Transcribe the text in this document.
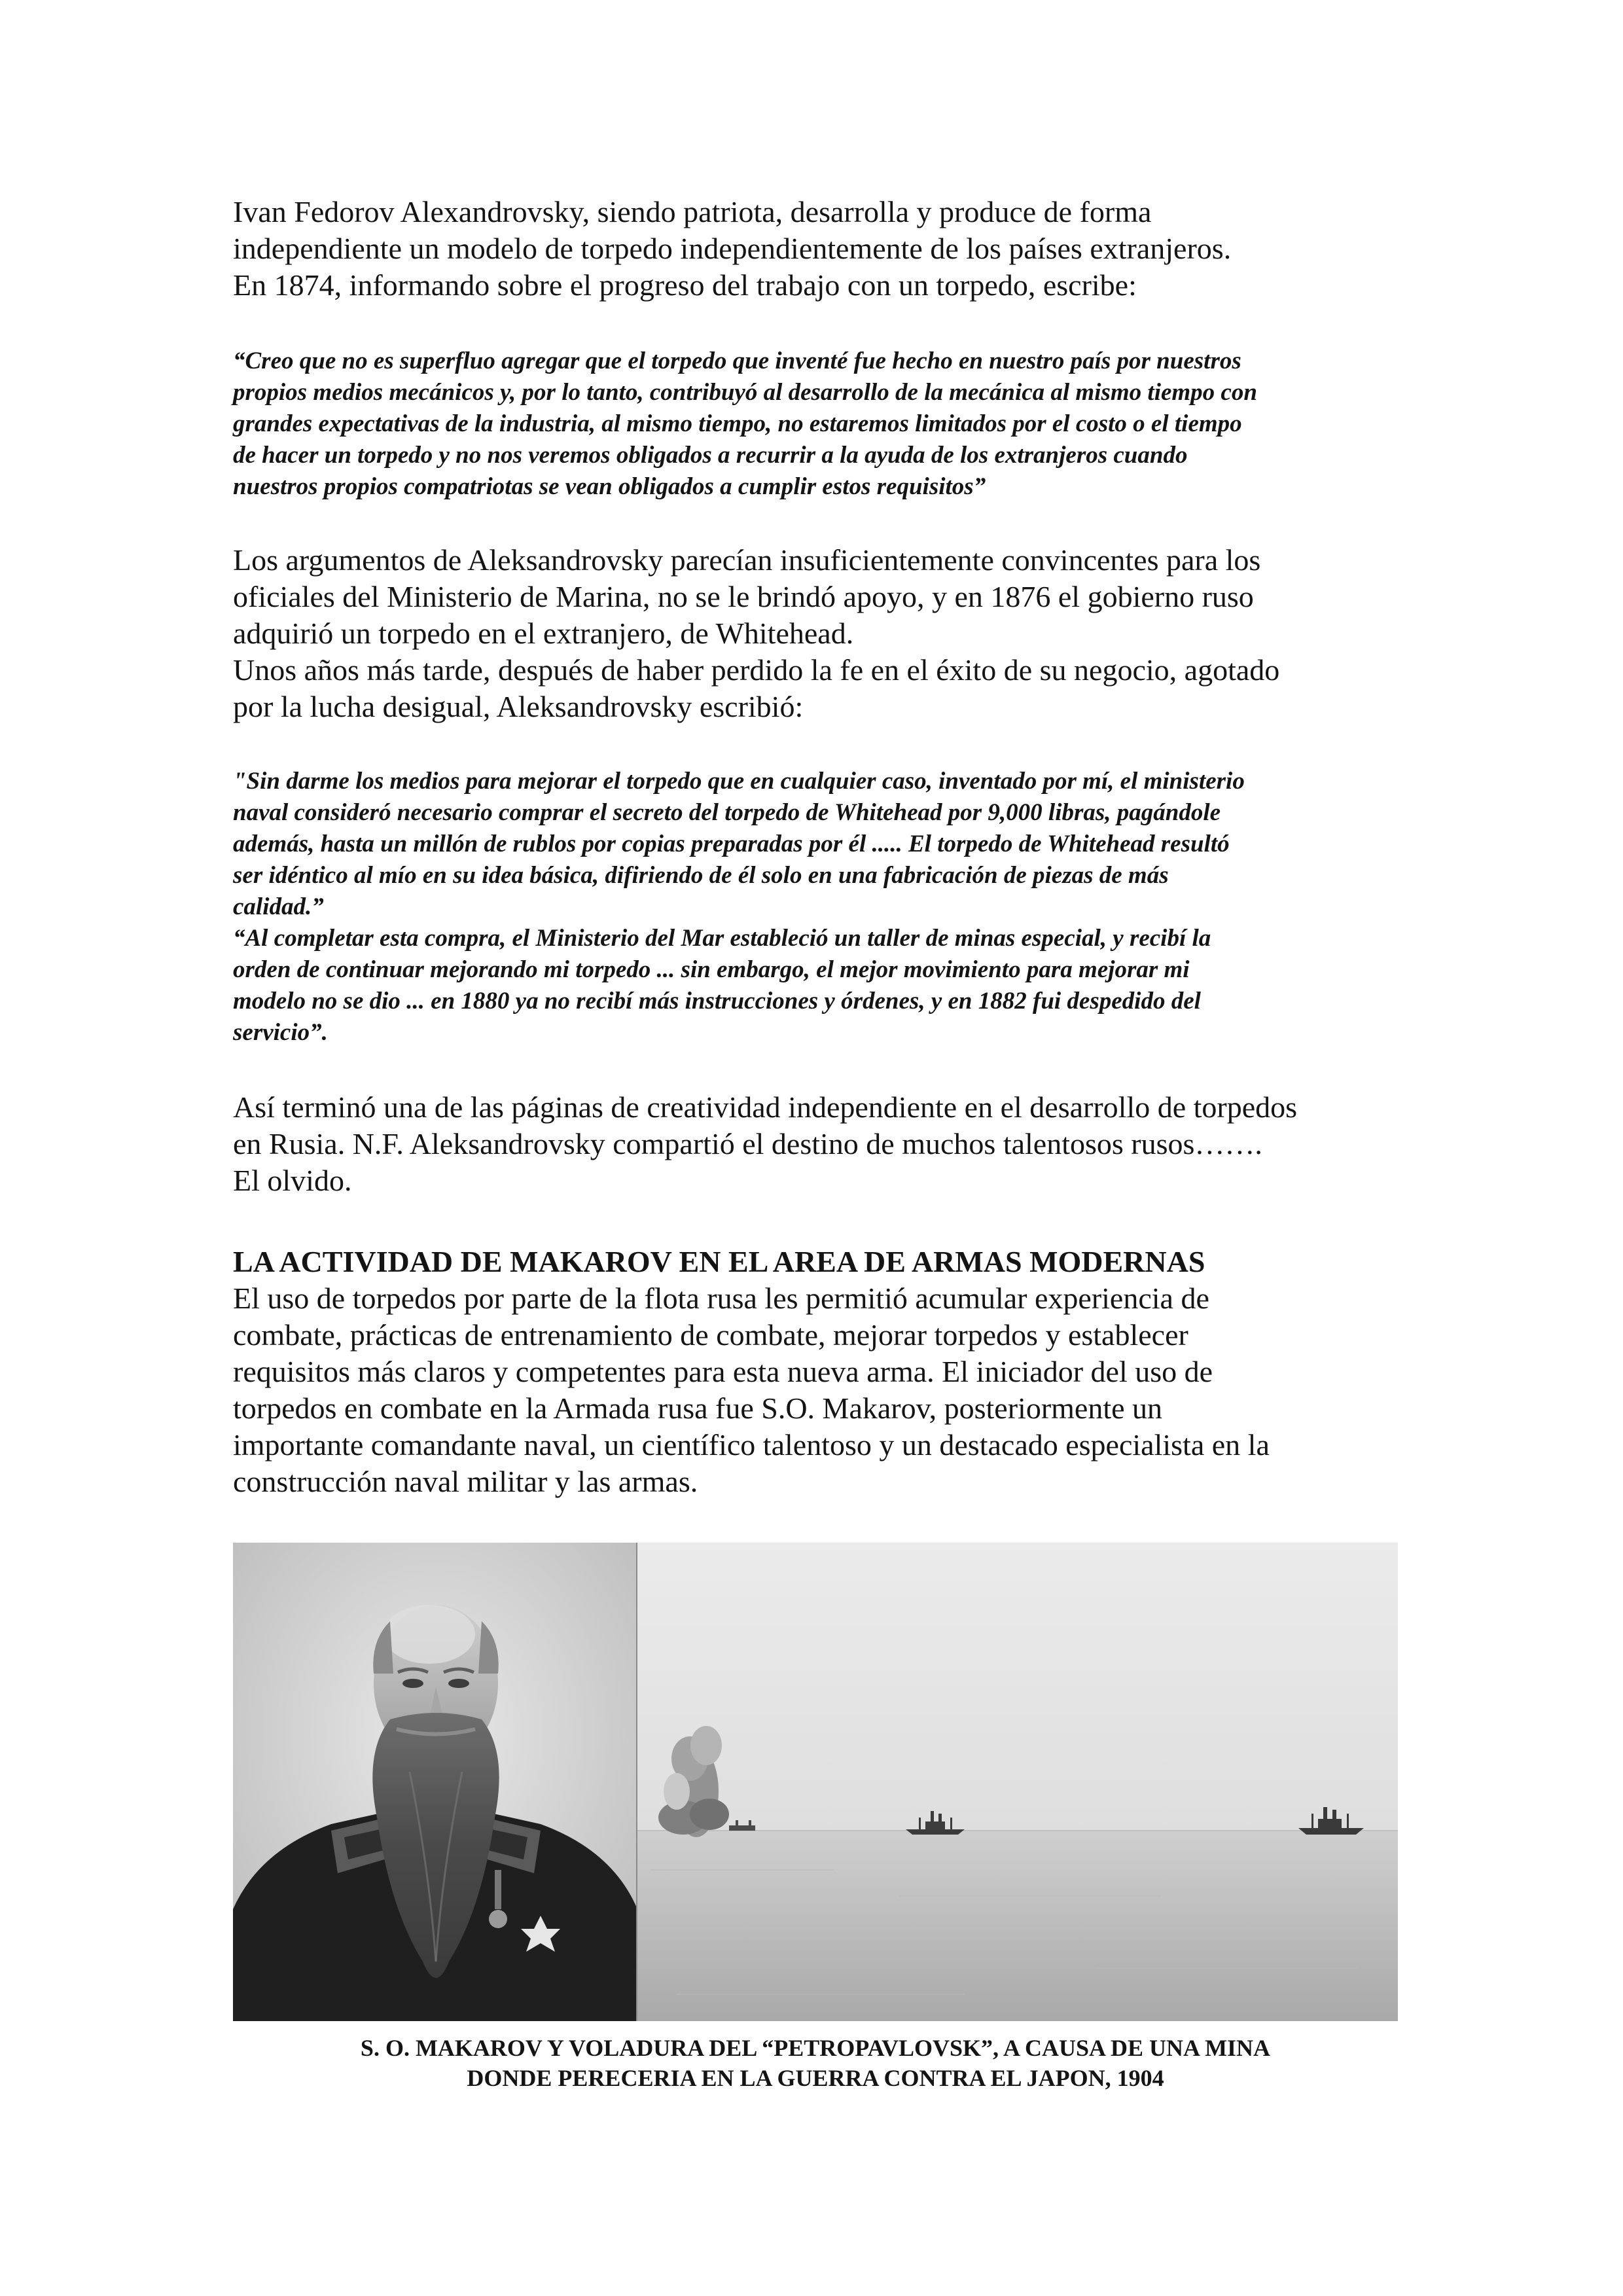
Ivan Fedorov Alexandrovsky, siendo patriota, desarrolla y produce de forma
independiente un modelo de torpedo independientemente de los países extranjeros.
En 1874, informando sobre el progreso del trabajo con un torpedo, escribe:

“Creo que no es superfluo agregar que el torpedo que inventé fue hecho en nuestro país por nuestros
propios medios mecánicos y, por lo tanto, contribuyó al desarrollo de la mecánica al mismo tiempo con
grandes expectativas de la industria, al mismo tiempo, no estaremos limitados por el costo o el tiempo
de hacer un torpedo y no nos veremos obligados a recurrir a la ayuda de los extranjeros cuando
nuestros propios compatriotas se vean obligados a cumplir estos requisitos”

Los argumentos de Aleksandrovsky parecían insuficientemente convincentes para los
oficiales del Ministerio de Marina, no se le brindó apoyo, y en 1876 el gobierno ruso
adquirió un torpedo en el extranjero, de Whitehead.
Unos años más tarde, después de haber perdido la fe en el éxito de su negocio, agotado
por la lucha desigual, Aleksandrovsky escribió:

"Sin darme los medios para mejorar el torpedo que en cualquier caso, inventado por mí, el ministerio
naval consideró necesario comprar el secreto del torpedo de Whitehead por 9,000 libras, pagándole
además, hasta un millón de rublos por copias preparadas por él ..... El torpedo de Whitehead resultó
ser idéntico al mío en su idea básica, difiriendo de él solo en una fabricación de piezas de más
calidad.”
“Al completar esta compra, el Ministerio del Mar estableció un taller de minas especial, y recibí la
orden de continuar mejorando mi torpedo ... sin embargo, el mejor movimiento para mejorar mi
modelo no se dio ... en 1880 ya no recibí más instrucciones y órdenes, y en 1882 fui despedido del
servicio”.

Así terminó una de las páginas de creatividad independiente en el desarrollo de torpedos
en Rusia. N.F. Aleksandrovsky compartió el destino de muchos talentosos rusos…….
El olvido.

LA ACTIVIDAD DE MAKAROV EN EL AREA DE ARMAS MODERNAS

El uso de torpedos por parte de la flota rusa les permitió acumular experiencia de
combate, prácticas de entrenamiento de combate, mejorar torpedos y establecer
requisitos más claros y competentes para esta nueva arma. El iniciador del uso de
torpedos en combate en la Armada rusa fue S.O. Makarov, posteriormente un
importante comandante naval, un científico talentoso y un destacado especialista en la
construcción naval militar y las armas.

S. O. MAKAROV Y VOLADURA DEL “PETROPAVLOVSK”, A CAUSA DE UNA MINA
DONDE PERECERIA EN LA GUERRA CONTRA EL JAPON, 1904
